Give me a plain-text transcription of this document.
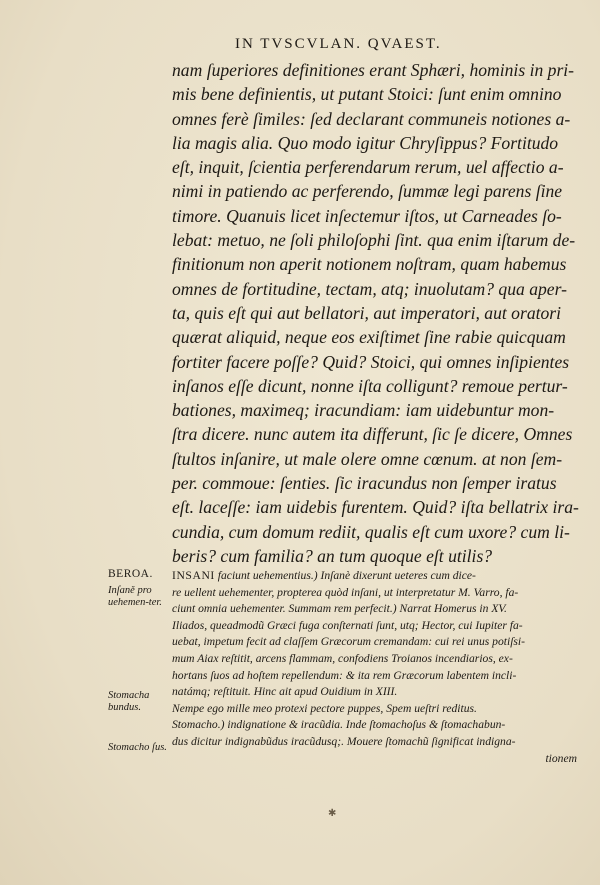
IN TVSCVLAN. QVAEST.
nam ſuperiores definitiones erant Sphæri, hominis in pri-
mis bene definientis, ut putant Stoici: ſunt enim omnino
omnes ferè ſimiles: ſed declarant communeis notiones a-
lia magis alia. Quo modo igitur Chryſippus? Fortitudo
eſt, inquit, ſcientia perferendarum rerum, uel affectio a-
nimi in patiendo ac perferendo, ſummæ legi parens ſine
timore. Quanuis licet inſectemur iſtos, ut Carneades ſo-
lebat: metuo, ne ſoli philoſophi ſint. qua enim iſtarum de-
finitionum non aperit notionem noſtram, quam habemus
omnes de fortitudine, tectam, atq; inuolutam? qua aper-
ta, quis eſt qui aut bellatori, aut imperatori, aut oratori
quærat aliquid, neque eos exiſtimet ſine rabie quicquam
fortiter facere poſſe? Quid? Stoici, qui omnes inſipientes
inſanos eſſe dicunt, nonne iſta colligunt? remoue pertur-
bationes, maximeq; iracundiam: iam uidebuntur mon-
ſtra dicere. nunc autem ita differunt, ſic ſe dicere, Omnes
ſtultos inſanire, ut male olere omne cœnum. at non ſem-
per. commoue: ſenties. ſic iracundus non ſemper iratus
eſt. laceſſe: iam uidebis furentem. Quid? iſta bellatrix ira-
cundia, cum domum rediit, qualis eſt cum uxore? cum li-
beris? cum familia? an tum quoque eſt utilis?
BEROA.
Inſaně pro uehemen-ter.
Stomacha bundus.
Stomacho ſus.
INSANI faciunt uehementius.) Inſanè dixerunt ueteres cum dice-
re uellent uehementer, propterea quòd inſani, ut interpretatur M. Varro, fa-
ciunt omnia uehementer. Summam rem perfecit.) Narrat Homerus in XV.
Iliados, queadmodũ Græci fuga conſternati ſunt, utq; Hector, cui Iupiter fa-
uebat, impetum fecit ad claſſem Græcorum cremandam: cui rei unus potiſsi-
mum Aiax reſtitit, arcens flammam, confodiens Troianos incendiarios, ex-
hortans ſuos ad hoſtem repellendum: & ita rem Græcorum labentem incli-
natámq; reſtituit. Hinc ait apud Ouidium in XIII.
Nempe ego mille meo protexi pectore puppes, Spem ueſtri reditus.
Stomacho.) indignatione & iracũdia. Inde ſtomachoſus & ſtomachabun-
dus dicitur indignabũdus iracũdusq;. Mouere ſtomachũ ſignificat indigna-
tionem
✱
